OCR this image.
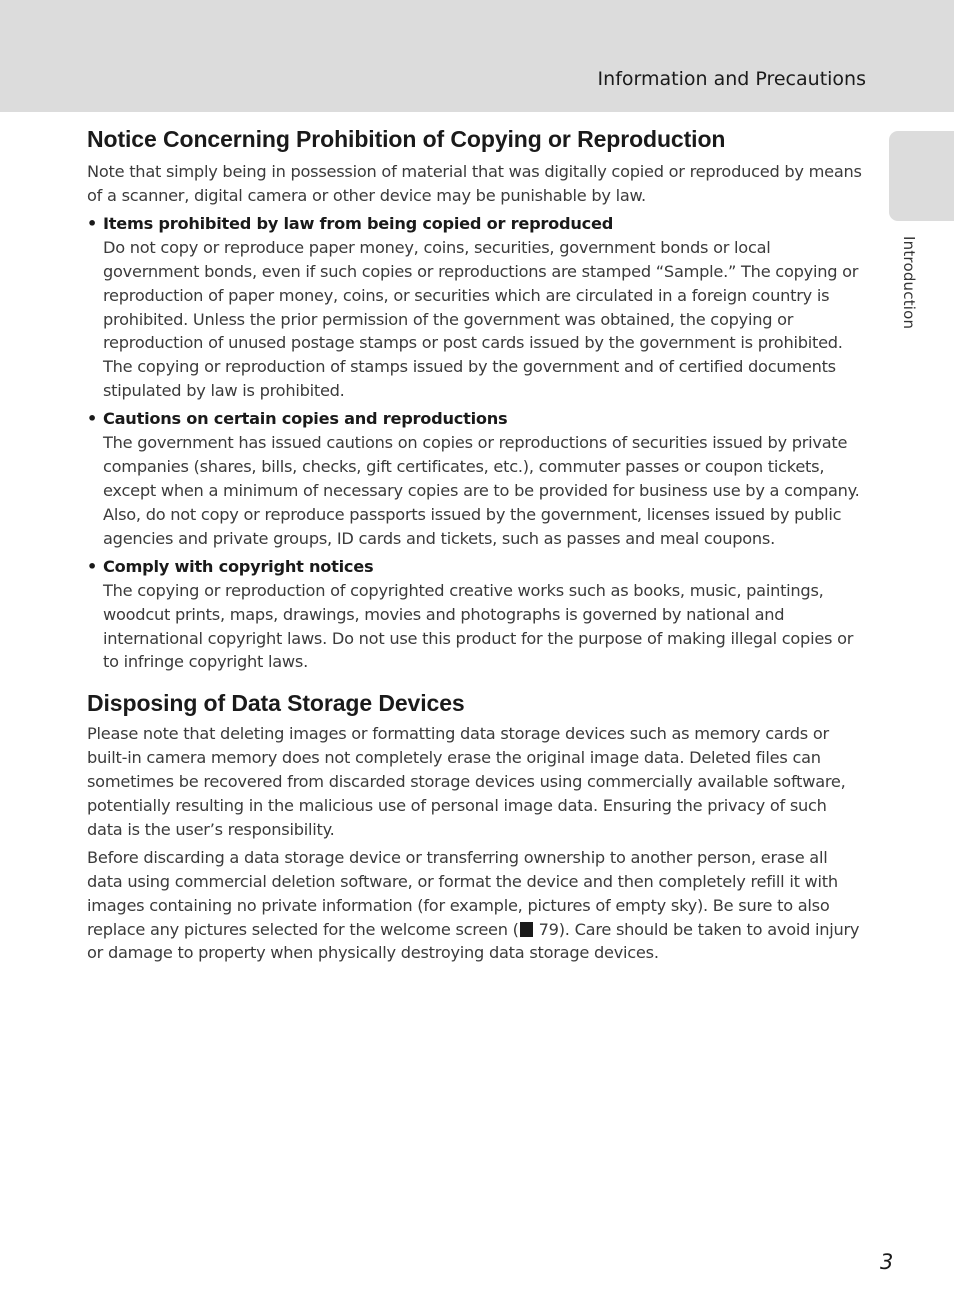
Information and Precautions
Introduction
Notice Concerning Prohibition of Copying or Reproduction

Note that simply being in possession of material that was digitally copied or reproduced by means of a scanner, digital camera or other device may be punishable by law.

• Items prohibited by law from being copied or reproduced

Do not copy or reproduce paper money, coins, securities, government bonds or local government bonds, even if such copies or reproductions are stamped “Sample.” The copying or reproduction of paper money, coins, or securities which are circulated in a foreign country is prohibited. Unless the prior permission of the government was obtained, the copying or reproduction of unused postage stamps or post cards issued by the government is prohibited. The copying or reproduction of stamps issued by the government and of certified documents stipulated by law is prohibited.

• Cautions on certain copies and reproductions

The government has issued cautions on copies or reproductions of securities issued by private companies (shares, bills, checks, gift certificates, etc.), commuter passes or coupon tickets, except when a minimum of necessary copies are to be provided for business use by a company. Also, do not copy or reproduce passports issued by the government, licenses issued by public agencies and private groups, ID cards and tickets, such as passes and meal coupons.

• Comply with copyright notices

The copying or reproduction of copyrighted creative works such as books, music, paintings, woodcut prints, maps, drawings, movies and photographs is governed by national and international copyright laws. Do not use this product for the purpose of making illegal copies or to infringe copyright laws.

Disposing of Data Storage Devices

Please note that deleting images or formatting data storage devices such as memory cards or built-in camera memory does not completely erase the original image data. Deleted files can sometimes be recovered from discarded storage devices using commercially available software, potentially resulting in the malicious use of personal image data. Ensuring the privacy of such data is the user’s responsibility.

Before discarding a data storage device or transferring ownership to another person, erase all data using commercial deletion software, or format the device and then completely refill it with images containing no private information (for example, pictures of empty sky). Be sure to also replace any pictures selected for the welcome screen ( 79). Care should be taken to avoid injury or damage to property when physically destroying data storage devices.

3
